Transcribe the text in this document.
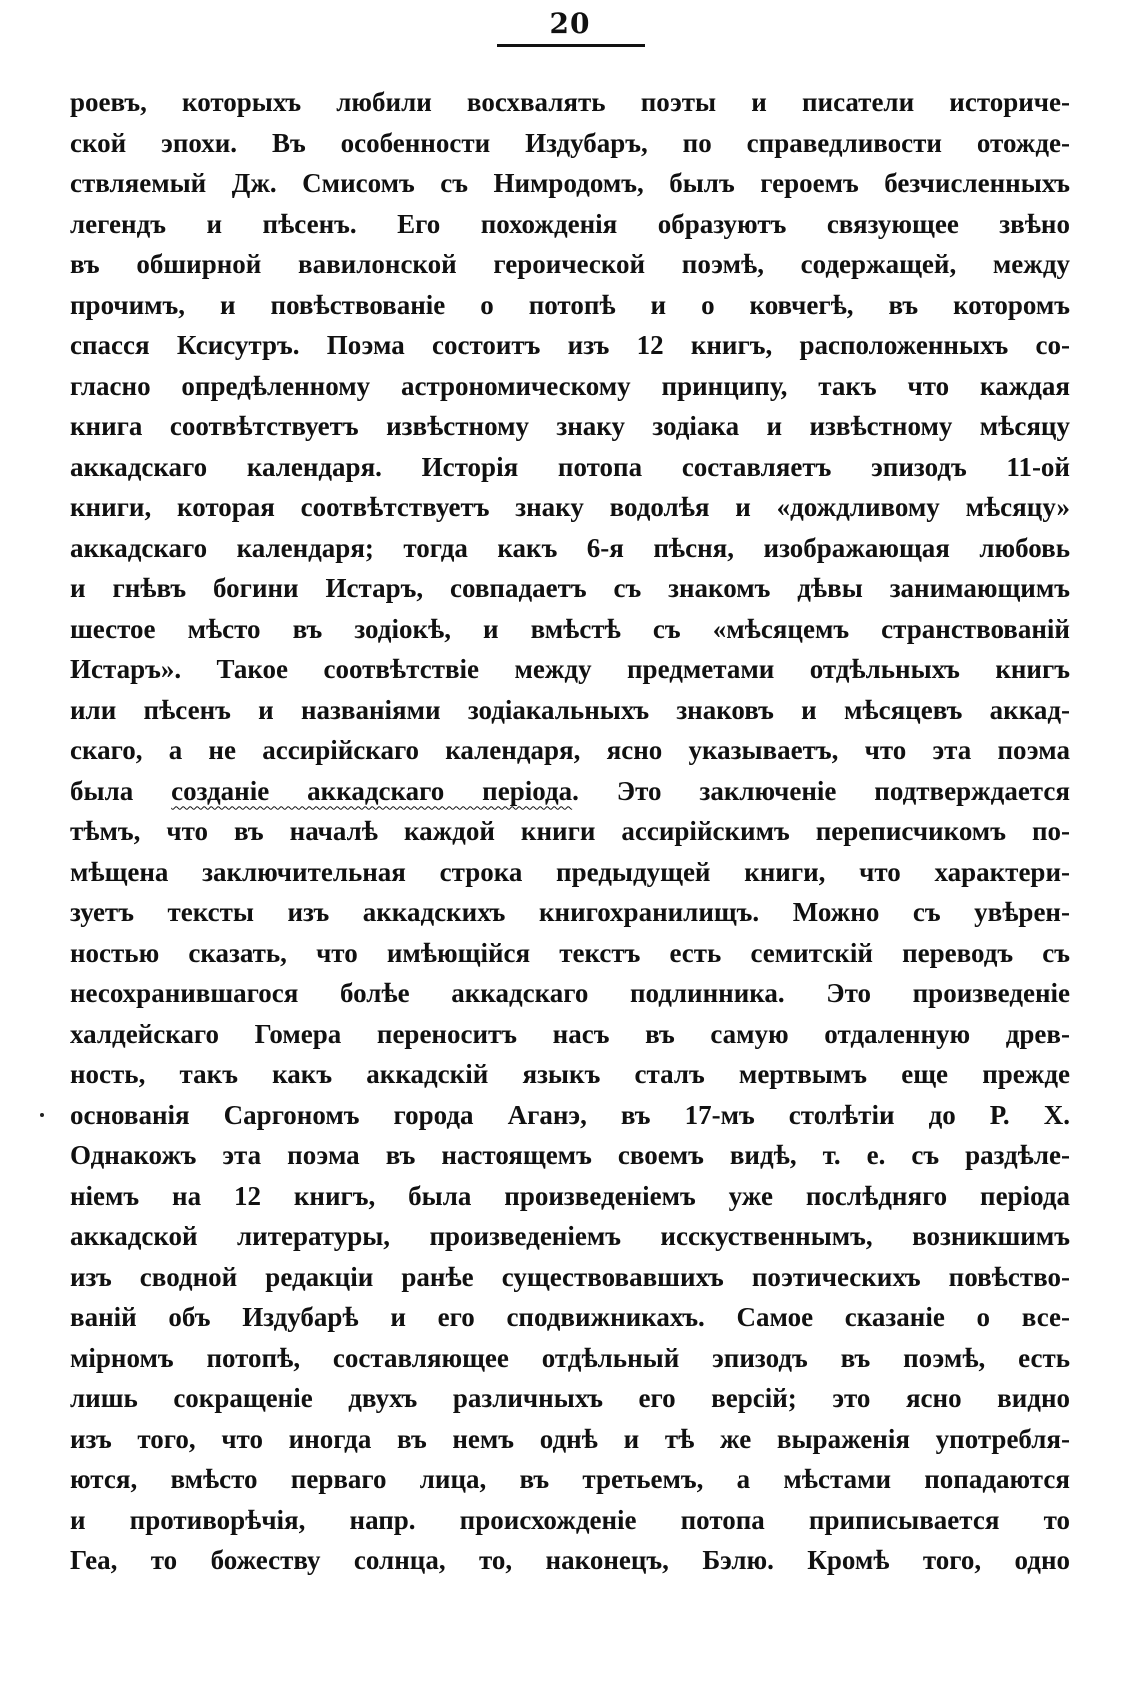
20
роевъ, которыхъ любили восхвалять поэты и писатели историче-
ской эпохи. Въ особенности Издубаръ, по справедливости отожде-
ствляемый Дж. Смисомъ съ Нимродомъ, былъ героемъ безчисленныхъ
легендъ и пѣсенъ. Его похожденія образуютъ связующее звѣно
въ обширной вавилонской героической поэмѣ, содержащей, между
прочимъ, и повѣствованіе о потопѣ и о ковчегѣ, въ которомъ
спасся Ксисутръ. Поэма состоитъ изъ 12 книгъ, расположенныхъ со-
гласно опредѣленному астрономическому принципу, такъ что каждая
книга соотвѣтствуетъ извѣстному знаку зодіака и извѣстному мѣсяцу
аккадскаго календаря. Исторія потопа составляетъ эпизодъ 11-ой
книги, которая соотвѣтствуетъ знаку водолѣя и «дождливому мѣсяцу»
аккадскаго календаря; тогда какъ 6-я пѣсня, изображающая любовь
и гнѣвъ богини Истаръ, совпадаетъ съ знакомъ дѣвы занимающимъ
шестое мѣсто въ зодіокѣ, и вмѣстѣ съ «мѣсяцемъ странствованій
Истаръ». Такое соотвѣтствіе между предметами отдѣльныхъ книгъ
или пѣсенъ и названіями зодіакальныхъ знаковъ и мѣсяцевъ аккад-
скаго, а не ассирійскаго календаря, ясно указываетъ, что эта поэма
была созданіе аккадскаго періода. Это заключеніе подтверждается
тѣмъ, что въ началѣ каждой книги ассирійскимъ переписчикомъ по-
мѣщена заключительная строка предыдущей книги, что характери-
зуетъ тексты изъ аккадскихъ книгохранилищъ. Можно съ увѣрен-
ностью сказать, что имѣющійся текстъ есть семитскій переводъ съ
несохранившагося болѣе аккадскаго подлинника. Это произведеніе
халдейскаго Гомера переноситъ насъ въ самую отдаленную древ-
ность, такъ какъ аккадскій языкъ сталъ мертвымъ еще прежде
основанія Саргономъ города Аганэ, въ 17-мъ столѣтіи до Р. Х.
Однакожъ эта поэма въ настоящемъ своемъ видѣ, т. е. съ раздѣле-
ніемъ на 12 книгъ, была произведеніемъ уже послѣдняго періода
аккадской литературы, произведеніемъ исскуственнымъ, возникшимъ
изъ сводной редакціи ранѣе существовавшихъ поэтическихъ повѣство-
ваній объ Издубарѣ и его сподвижникахъ. Самое сказаніе о все-
мірномъ потопѣ, составляющее отдѣльный эпизодъ въ поэмѣ, есть
лишь сокращеніе двухъ различныхъ его версій; это ясно видно
изъ того, что иногда въ немъ однѣ и тѣ же выраженія употребля-
ются, вмѣсто перваго лица, въ третьемъ, а мѣстами попадаются
и противорѣчія, напр. происхожденіе потопа приписывается то
Геа, то божеству солнца, то, наконецъ, Бэлю. Кромѣ того, одно
